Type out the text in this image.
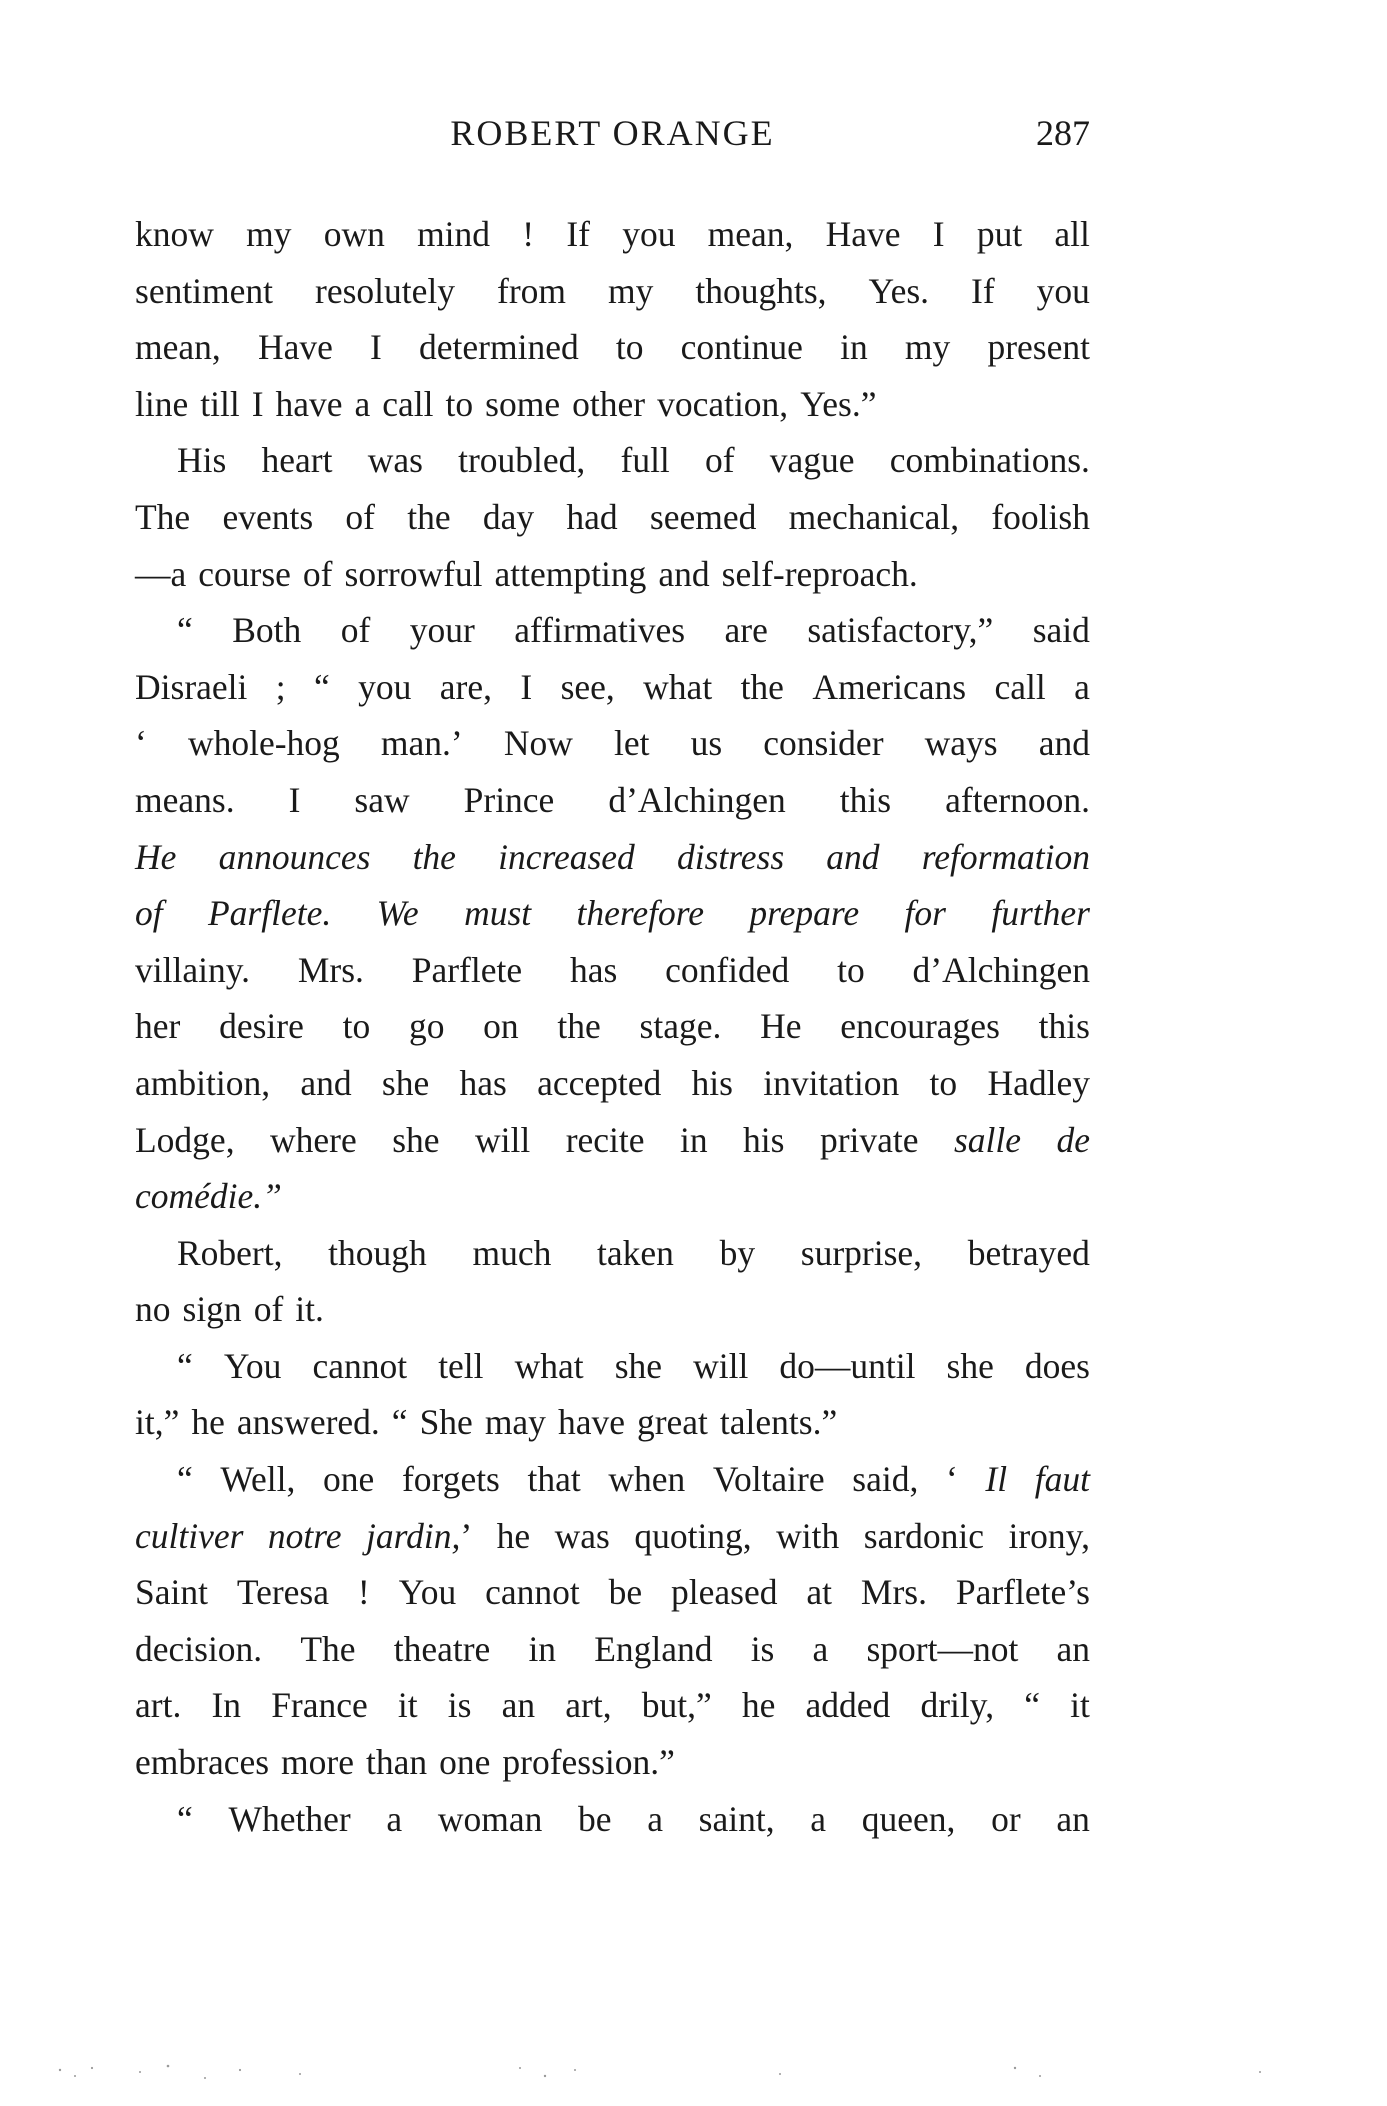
ROBERT ORANGE	287
know my own mind ! If you mean, Have I put all
sentiment resolutely from my thoughts, Yes. If you
mean, Have I determined to continue in my present
line
till
I
have
a
call
to
some
other
vocation,
Yes.”
His heart was troubled, full of vague combinations.
The events of the day had seemed mechanical, foolish
—a
course
of
sorrowful
attempting
and
self-reproach.
“ Both of your affirmatives are satisfactory,” said
Disraeli ; “ you are, I see, what the Americans call a
‘ whole-hog man.’ Now let us consider ways and
means. I saw Prince d’Alchingen this afternoon.
He announces the increased distress and reformation
of Parflete. We must therefore prepare for further
villainy. Mrs. Parflete has confided to d’Alchingen
her desire to go on the stage. He encourages this
ambition, and she has accepted his invitation to Hadley
Lodge, where she will recite in his private salle de
comédie.”
Robert, though much taken by surprise, betrayed
no
sign
of
it.
“ You cannot tell what she will do—until she does
it,”
he
answered.
“
She
may
have
great
talents.”
“ Well, one forgets that when Voltaire said, ‘ Il faut
cultiver notre jardin,’ he was quoting, with sardonic irony,
Saint Teresa ! You cannot be pleased at Mrs. Parflete’s
decision. The theatre in England is a sport—not an
art. In France it is an art, but,” he added drily, “ it
embraces
more
than
one
profession.”
“ Whether a woman be a saint, a queen, or an
